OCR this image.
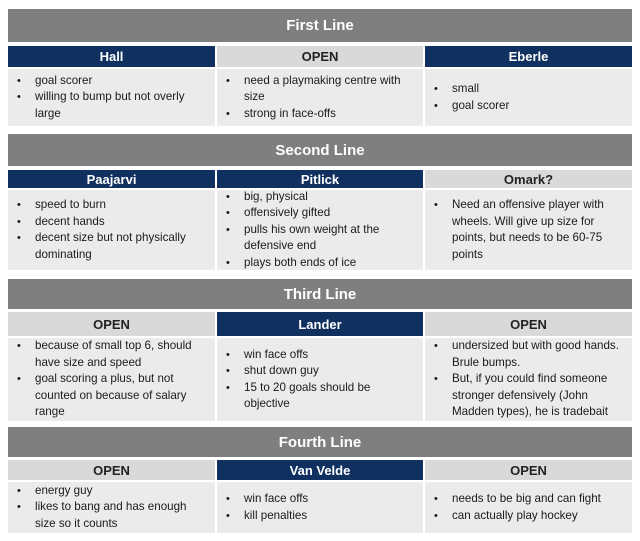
First Line
Hall
• goal scorer
• willing to bump but not overly large
OPEN
• need a playmaking centre with size
• strong in face-offs
Eberle
• small
• goal scorer
Second Line
Paajarvi
• speed to burn
• decent hands
• decent size but not physically dominating
Pitlick
• big, physical
• offensively gifted
• pulls his own weight at the defensive end
• plays both ends of ice
Omark?
• Need an offensive player with wheels. Will give up size for points, but needs to be 60-75 points
Third Line
OPEN
• because of small top 6, should have size and speed
• goal scoring a plus, but not counted on because of salary range
Lander
• win face offs
• shut down guy
• 15 to 20 goals should be objective
OPEN
• undersized but with good hands. Brule bumps.
• But, if you could find someone stronger defensively (John Madden types), he is tradebait
Fourth Line
OPEN
• energy guy
• likes to bang and has enough size so it counts
Van Velde
• win face offs
• kill penalties
OPEN
• needs to be big and can fight
• can actually play hockey
